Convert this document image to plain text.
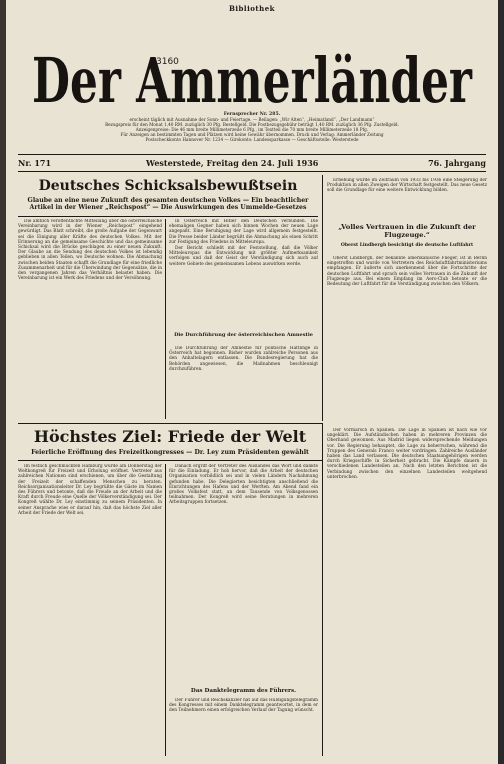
Bibliothek
Der Ammerländer
3160
Fernsprecher Nr. 285.
erscheint täglich mit Ausnahme der Sonn- und Feiertage. — Beilagen: „Wir Alten“, „Heimatland“, „Der Landmann“
Bezugspreis für den Monat 1,40 RM. zuzüglich 30 Pfg. Bestellgeld. Die Postbezugsgebühr beträgt 1,40 RM. zuzüglich 36 Pfg. Zustellgeld.
Anzeigenpreise: Die 46 mm breite Millimeterzeile 6 Pfg., im Textteil die 70 mm breite Millimeterzeile 18 Pfg.
Für Anzeigen an bestimmten Tagen und Plätzen wird keine Gewähr übernommen. Druck und Verlag: Ammerländer Zeitung
Postscheckkonto Hannover Nr. 1234 — Girokonto: Landessparkasse — Geschäftsstelle: Westerstede
Nr. 171	Westerstede, Freitag den 24. Juli 1936	76. Jahrgang
Deutsches Schicksalsbewußtsein
Glaube an eine neue Zukunft des gesamten deutschen Volkes — Ein beachtlicher Artikel in der Wiener „Reichspost“ — Die Auswirkungen des Ummelde-Gesetzes

Die amtlich veröffentlichte Mitteilung über die österreichische Vereinbarung wird in der Wiener „Reichspost“ eingehend gewürdigt. Das Blatt schreibt, die große Aufgabe der Gegenwart sei die Einigung aller Kräfte des deutschen Volkes. Mit der Erinnerung an die gemeinsame Geschichte und das gemeinsame Schicksal wird die Brücke geschlagen zu einer neuen Zukunft. Der Glaube an die Sendung des deutschen Volkes ist lebendig geblieben in allen Teilen, wo Deutsche wohnen. Die Abmachung zwischen beiden Staaten schafft die Grundlage für eine friedliche Zusammenarbeit und für die Überwindung der Gegensätze, die in den vergangenen Jahren das Verhältnis belastet haben. Die Vereinbarung ist ein Werk des Friedens und der Versöhnung.

In Österreich mit Hitler den Deutschen verbunden. Die ehemaligen Gegner haben sich binnen Wochen der neuen Lage angepaßt. Eine Beruhigung der Lage wird allgemein festgestellt. Die Presse beider Länder begrüßt die Abmachung als einen Schritt zur Festigung des Friedens in Mitteleuropa.

Der Bericht schließt mit der Feststellung, daß die Völker Mitteleuropas die Entwicklung mit größter Aufmerksamkeit verfolgen und daß der Geist der Verständigung sich auch auf weitere Gebiete des gemeinsamen Lebens auswirken werde.

Die Durchführung der österreichischen Amnestie

Die Durchführung der Amnestie für politische Häftlinge in Österreich hat begonnen. Bisher wurden zahlreiche Personen aus den Anhaltelagern entlassen. Die Bundesregierung hat die Behörden angewiesen, die Maßnahmen beschleunigt durchzuführen.

Erhebung wurde im Zeitraum von 1933 bis 1936 eine Steigerung der Produktion in allen Zweigen der Wirtschaft festgestellt. Das neue Gesetz soll die Grundlage für eine weitere Entwicklung bilden.

„Volles Vertrauen in die Zukunft der Flugzeuge.“
Oberst Lindbergh besichtigt die deutsche Luftfahrt

Oberst Lindbergh, der bekannte amerikanische Flieger, ist in Berlin eingetroffen und wurde von Vertretern des Reichsluftfahrtministeriums empfangen. Er äußerte sich anerkennend über die Fortschritte der deutschen Luftfahrt und sprach sein volles Vertrauen in die Zukunft der Flugzeuge aus. Bei einem Empfang im Aero-Club betonte er die Bedeutung der Luftfahrt für die Verständigung zwischen den Völkern.

Höchstes Ziel: Friede der Welt
Feierliche Eröffnung des Freizeitkongresses — Dr. Ley zum Präsidenten gewählt

Im festlich geschmückten Hamburg wurde am Donnerstag der Weltkongreß für Freizeit und Erholung eröffnet. Vertreter aus zahlreichen Nationen sind erschienen, um über die Gestaltung der Freizeit der schaffenden Menschen zu beraten. Reichsorganisationsleiter Dr. Ley begrüßte die Gäste im Namen des Führers und betonte, daß die Freude an der Arbeit und die Kraft durch Freude eine Quelle der Völkerverständigung sei. Der Kongreß wählte Dr. Ley einstimmig zu seinem Präsidenten. In seiner Ansprache wies er darauf hin, daß das höchste Ziel aller Arbeit der Friede der Welt sei.

Danach ergriff der Vertreter des Auslandes das Wort und dankte für die Einladung. Er hob hervor, daß die Arbeit der deutschen Organisation vorbildlich sei und in vielen Ländern Nachahmung gefunden habe. Die Delegierten besichtigten anschließend die Einrichtungen des Hafens und der Werften. Am Abend fand ein großes Volksfest statt, an dem Tausende von Volksgenossen teilnahmen. Der Kongreß wird seine Beratungen in mehreren Arbeitsgruppen fortsetzen.

Das Danktelegramm des Führers.

Der Führer und Reichskanzler hat auf das Huldigungstelegramm des Kongresses mit einem Danktelegramm geantwortet, in dem er den Teilnehmern einen erfolgreichen Verlauf der Tagung wünscht.

Der Vormarsch in Spanien. Die Lage in Spanien ist nach wie vor ungeklärt. Die Aufständischen haben in mehreren Provinzen die Oberhand gewonnen. Aus Madrid liegen widersprechende Meldungen vor. Die Regierung behauptet, die Lage zu beherrschen, während die Truppen des Generals Franco weiter vordringen. Zahlreiche Ausländer haben das Land verlassen. Die deutschen Staatsangehörigen werden durch Kriegsschiffe in Sicherheit gebracht. Die Kämpfe dauern in verschiedenen Landesteilen an. Nach den letzten Berichten ist die Verbindung zwischen den einzelnen Landesteilen weitgehend unterbrochen.
